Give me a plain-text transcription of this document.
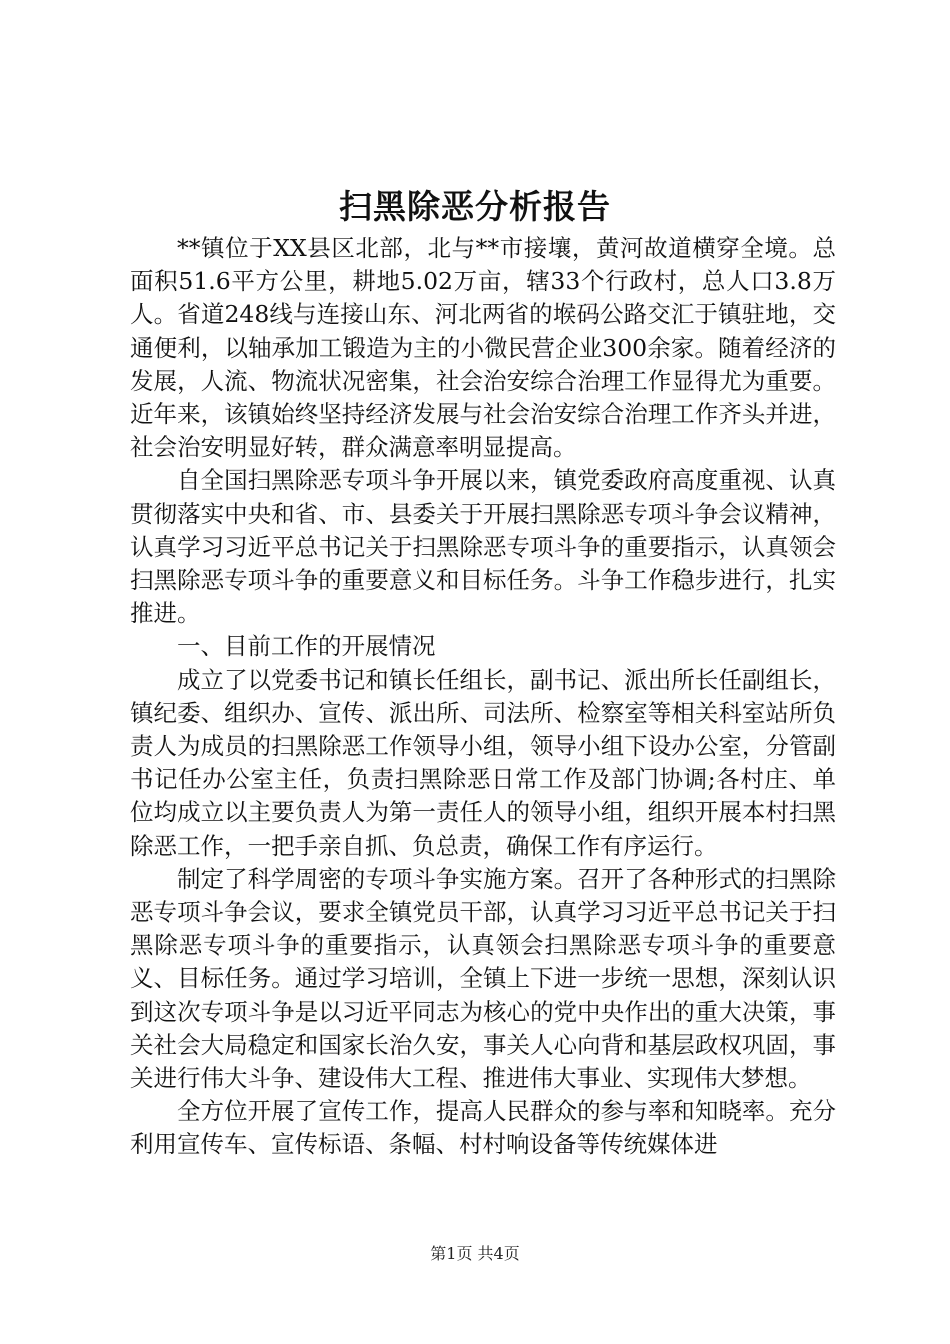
扫黑除恶分析报告

**镇位于XX县区北部，北与**市接壤，黄河故道横穿全境。总面积51.6平方公里，耕地5.02万亩，辖33个行政村，总人口3.8万人。省道248线与连接山东、河北两省的堠码公路交汇于镇驻地，交通便利，以轴承加工锻造为主的小微民营企业300余家。随着经济的发展，人流、物流状况密集，社会治安综合治理工作显得尤为重要。近年来，该镇始终坚持经济发展与社会治安综合治理工作齐头并进，社会治安明显好转，群众满意率明显提高。

自全国扫黑除恶专项斗争开展以来，镇党委政府高度重视、认真贯彻落实中央和省、市、县委关于开展扫黑除恶专项斗争会议精神，认真学习习近平总书记关于扫黑除恶专项斗争的重要指示，认真领会扫黑除恶专项斗争的重要意义和目标任务。斗争工作稳步进行，扎实推进。

一、目前工作的开展情况

成立了以党委书记和镇长任组长，副书记、派出所长任副组长，镇纪委、组织办、宣传、派出所、司法所、检察室等相关科室站所负责人为成员的扫黑除恶工作领导小组，领导小组下设办公室，分管副书记任办公室主任，负责扫黑除恶日常工作及部门协调;各村庄、单位均成立以主要负责人为第一责任人的领导小组，组织开展本村扫黑除恶工作，一把手亲自抓、负总责，确保工作有序运行。

制定了科学周密的专项斗争实施方案。召开了各种形式的扫黑除恶专项斗争会议，要求全镇党员干部，认真学习习近平总书记关于扫黑除恶专项斗争的重要指示，认真领会扫黑除恶专项斗争的重要意义、目标任务。通过学习培训，全镇上下进一步统一思想，深刻认识到这次专项斗争是以习近平同志为核心的党中央作出的重大决策，事关社会大局稳定和国家长治久安，事关人心向背和基层政权巩固，事关进行伟大斗争、建设伟大工程、推进伟大事业、实现伟大梦想。

全方位开展了宣传工作，提高人民群众的参与率和知晓率。充分利用宣传车、宣传标语、条幅、村村响设备等传统媒体进

第1页 共4页
